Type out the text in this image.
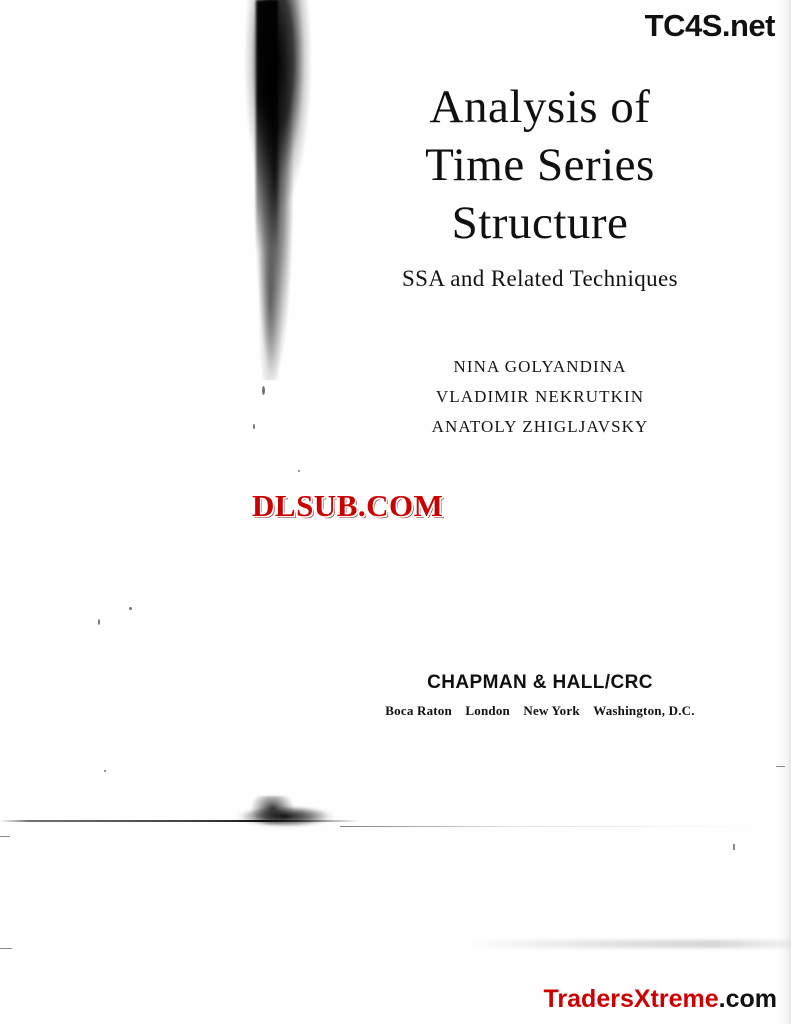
TC4S.net
Analysis of
Time Series
Structure
SSA and Related Techniques
NINA GOLYANDINA
VLADIMIR NEKRUTKIN
ANATOLY ZHIGLJAVSKY
DLSUB.COM
CHAPMAN & HALL/CRC
Boca Raton London New York Washington, D.C.
TradersXtreme.com
